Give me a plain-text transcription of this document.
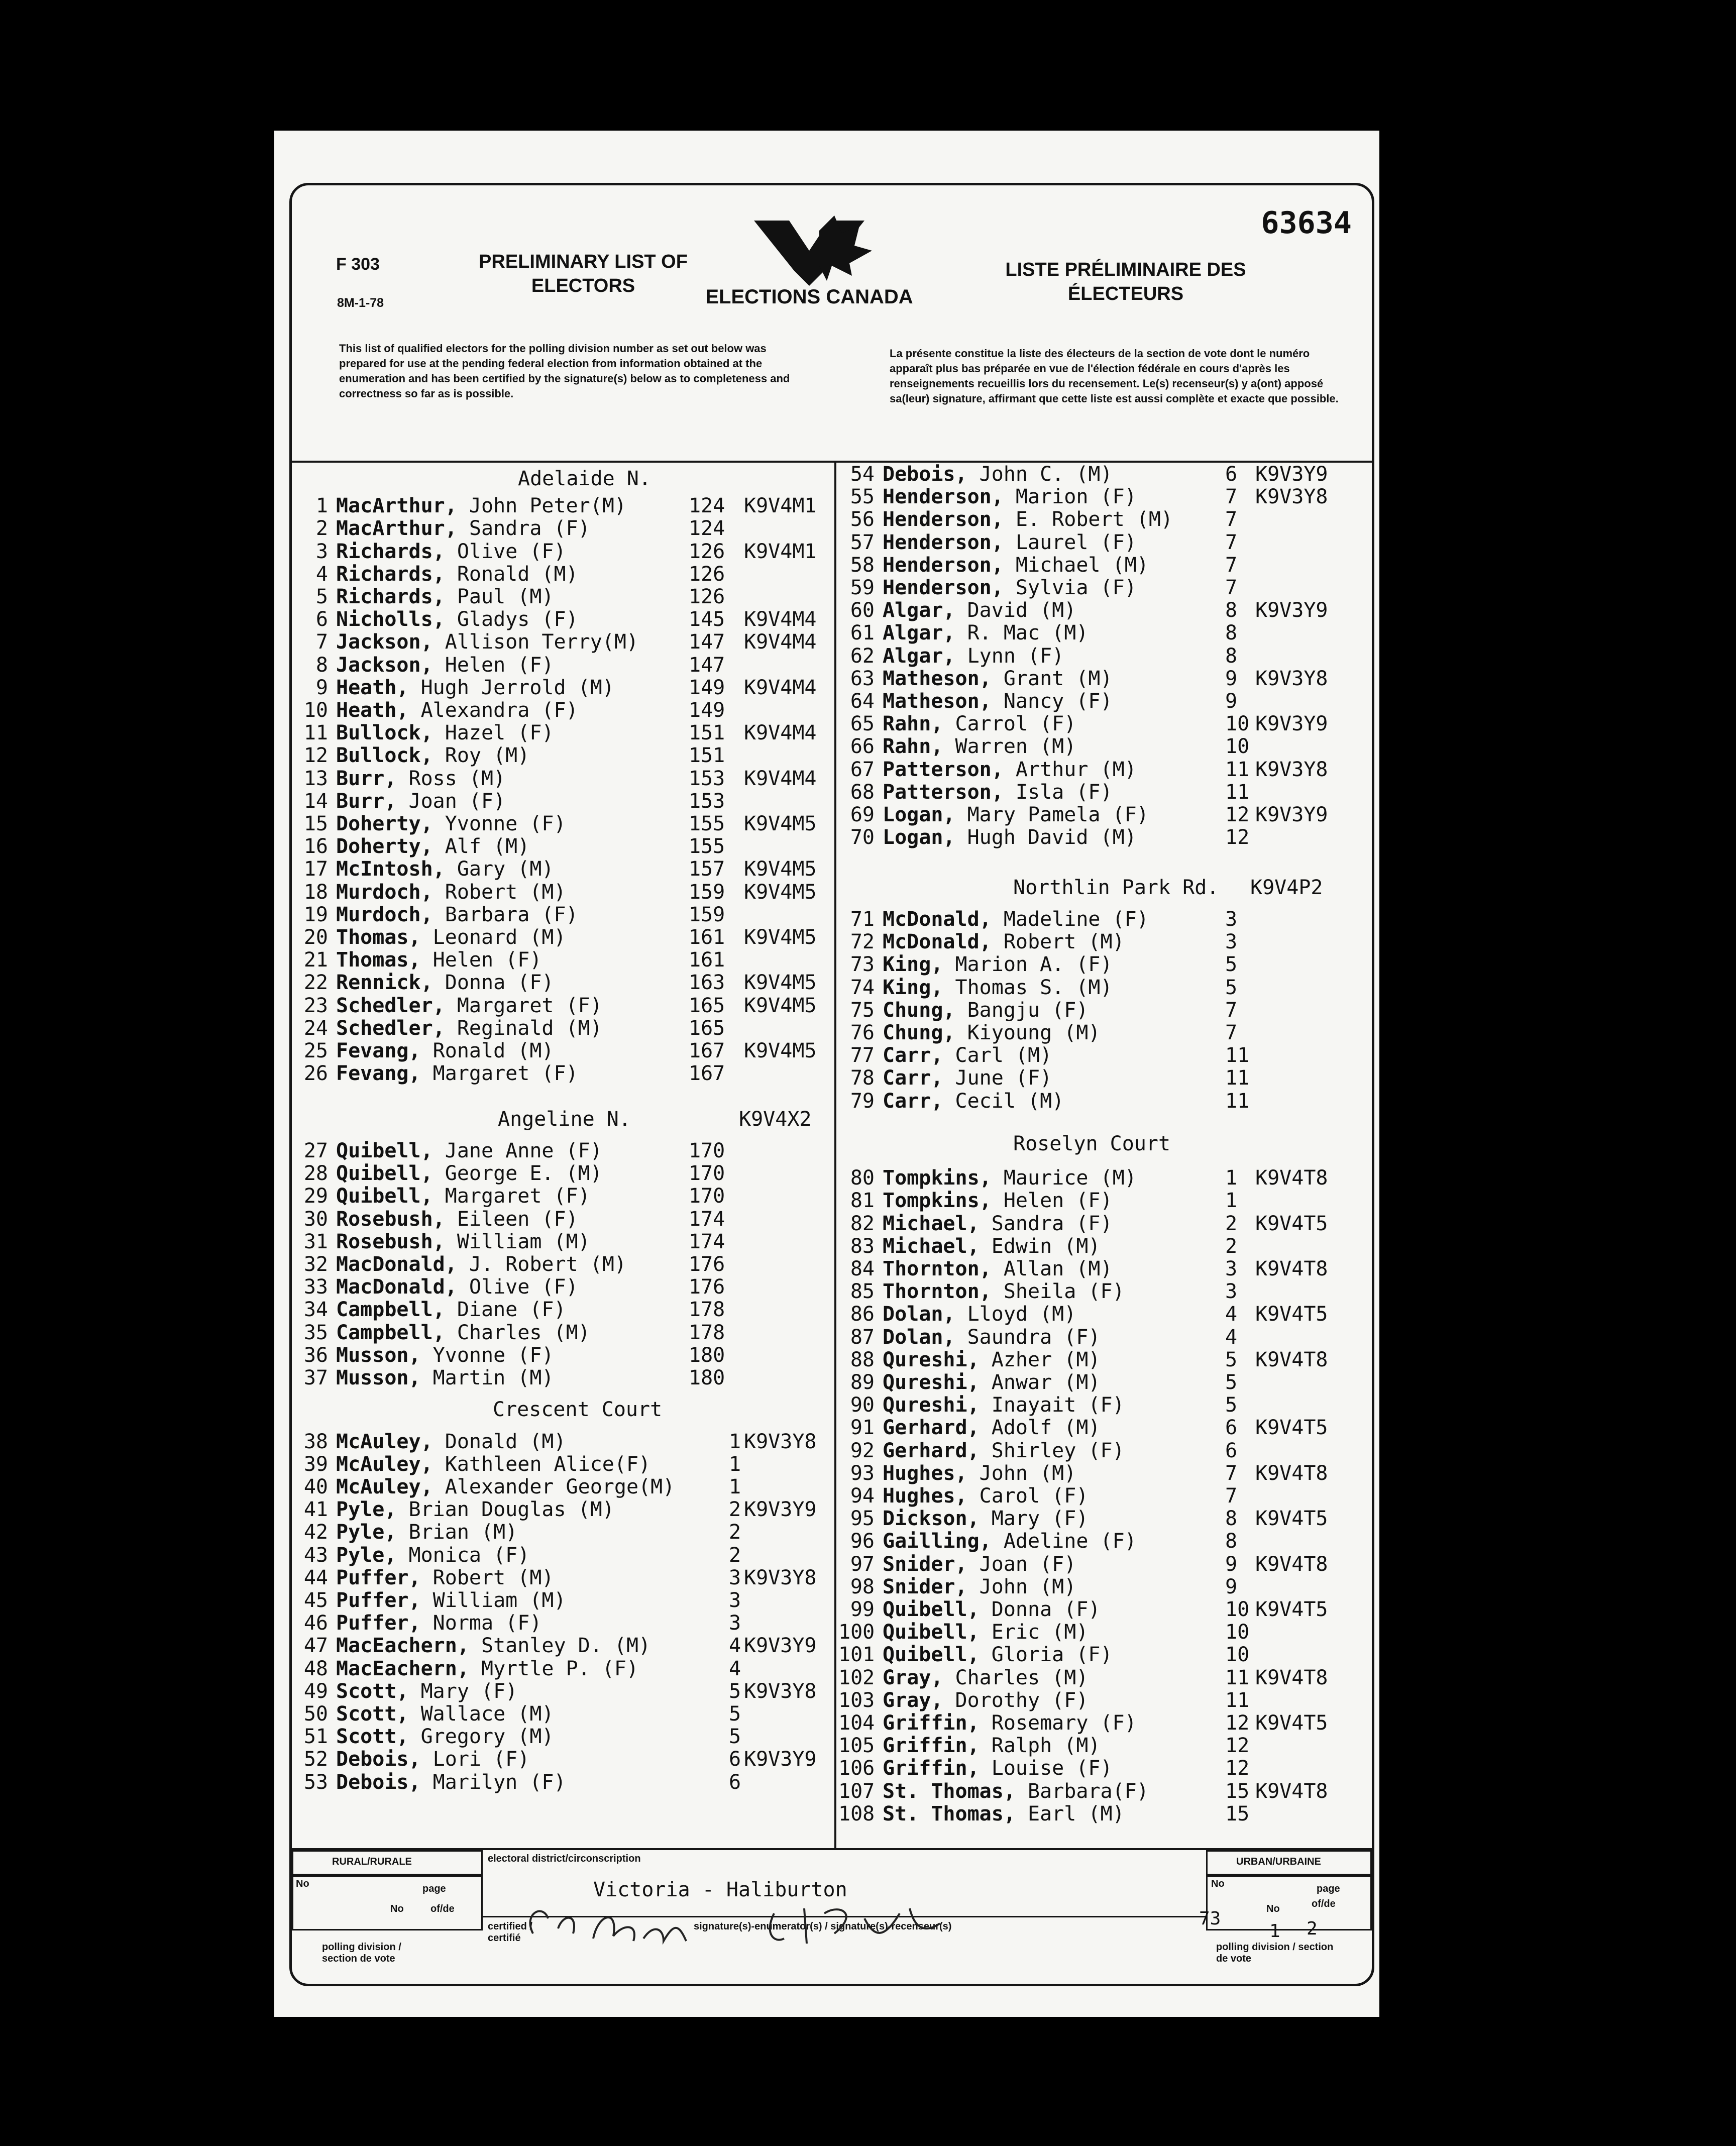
63634
F 303
8M-1-78
PRELIMINARY LIST OF ELECTORS
LISTE PRÉLIMINAIRE DES ÉLECTEURS
ELECTIONS CANADA
This list of qualified electors for the polling division number as set out below was prepared for use at the pending federal election from information obtained at the enumeration and has been certified by the signature(s) below as to completeness and correctness so far as is possible.
La présente constitue la liste des électeurs de la section de vote dont le numéro apparaît plus bas préparée en vue de l'élection fédérale en cours d'après les renseignements recueillis lors du recensement. Le(s) recenseur(s) y a(ont) apposé sa(leur) signature, affirmant que cette liste est aussi complète et exacte que possible.
Adelaide N.
1 MacArthur, John Peter(M)	124 K9V4M1
2 MacArthur, Sandra (F)	124
3 Richards, Olive (F)	126 K9V4M1
4 Richards, Ronald (M)	126
5 Richards, Paul (M)	126
6 Nicholls, Gladys (F)	145 K9V4M4
7 Jackson, Allison Terry(M) 147 K9V4M4
8 Jackson, Helen (F)	147
9 Heath, Hugh Jerrold (M)	149 K9V4M4
10 Heath, Alexandra (F)	149
11 Bullock, Hazel (F)	151 K9V4M4
12 Bullock, Roy (M)	151
13 Burr, Ross (M)	153 K9V4M4
14 Burr, Joan (F)	153
15 Doherty, Yvonne (F)	155 K9V4M5
16 Doherty, Alf (M)	155
17 McIntosh, Gary (M)	157 K9V4M5
18 Murdoch, Robert (M)	159 K9V4M5
19 Murdoch, Barbara (F)	159
20 Thomas, Leonard (M)	161 K9V4M5
21 Thomas, Helen (F)	161
22 Rennick, Donna (F)	163 K9V4M5
23 Schedler, Margaret (F)	165 K9V4M5
24 Schedler, Reginald (M)	165
25 Fevang, Ronald (M)	167 K9V4M5
26 Fevang, Margaret (F)	167
Angeline N.	K9V4X2
27 Quibell, Jane Anne (F)	170
28 Quibell, George E. (M)	170
29 Quibell, Margaret (F)	170
30 Rosebush, Eileen (F)	174
31 Rosebush, William (M)	174
32 MacDonald, J. Robert (M)	176
33 MacDonald, Olive (F)	176
34 Campbell, Diane (F)	178
35 Campbell, Charles (M)	178
36 Musson, Yvonne (F)	180
37 Musson, Martin (M)	180
Crescent Court
38 McAuley, Donald (M)	1 K9V3Y8
39 McAuley, Kathleen Alice(F)	1
40 McAuley, Alexander George(M)	1
41 Pyle, Brian Douglas (M)	2 K9V3Y9
42 Pyle, Brian (M)	2
43 Pyle, Monica (F)	2
44 Puffer, Robert (M)	3 K9V3Y8
45 Puffer, William (M)	3
46 Puffer, Norma (F)	3
47 MacEachern, Stanley D. (M)	4 K9V3Y9
48 MacEachern, Myrtle P. (F)	4
49 Scott, Mary (F)	5 K9V3Y8
50 Scott, Wallace (M)	5
51 Scott, Gregory (M)	5
52 Debois, Lori (F)	6 K9V3Y9
53 Debois, Marilyn (F)	6
54 Debois, John C. (M)	6 K9V3Y9
55 Henderson, Marion (F)	7 K9V3Y8
56 Henderson, E. Robert (M)	7
57 Henderson, Laurel (F)	7
58 Henderson, Michael (M)	7
59 Henderson, Sylvia (F)	7
60 Algar, David (M)	8 K9V3Y9
61 Algar, R. Mac (M)	8
62 Algar, Lynn (F)	8
63 Matheson, Grant (M)	9 K9V3Y8
64 Matheson, Nancy (F)	9
65 Rahn, Carrol (F)	10 K9V3Y9
66 Rahn, Warren (M)	10
67 Patterson, Arthur (M)	11 K9V3Y8
68 Patterson, Isla (F)	11
69 Logan, Mary Pamela (F)	12 K9V3Y9
70 Logan, Hugh David (M)	12
Northlin Park Rd. K9V4P2
71 McDonald, Madeline (F)	3
72 McDonald, Robert (M)	3
73 King, Marion A. (F)	5
74 King, Thomas S. (M)	5
75 Chung, Bangju (F)	7
76 Chung, Kiyoung (M)	7
77 Carr, Carl (M)	11
78 Carr, June (F)	11
79 Carr, Cecil (M)	11
Roselyn Court
80 Tompkins, Maurice (M)	1 K9V4T8
81 Tompkins, Helen (F)	1
82 Michael, Sandra (F)	2 K9V4T5
83 Michael, Edwin (M)	2
84 Thornton, Allan (M)	3 K9V4T8
85 Thornton, Sheila (F)	3
86 Dolan, Lloyd (M)	4 K9V4T5
87 Dolan, Saundra (F)	4
88 Qureshi, Azher (M)	5 K9V4T8
89 Qureshi, Anwar (M)	5
90 Qureshi, Inayait (F)	5
91 Gerhard, Adolf (M)	6 K9V4T5
92 Gerhard, Shirley (F)	6
93 Hughes, John (M)	7 K9V4T8
94 Hughes, Carol (F)	7
95 Dickson, Mary (F)	8 K9V4T5
96 Gailling, Adeline (F)	8
97 Snider, Joan (F)	9 K9V4T8
98 Snider, John (M)	9
99 Quibell, Donna (F)	10 K9V4T5
100 Quibell, Eric (M)	10
101 Quibell, Gloria (F)	10
102 Gray, Charles (M)	11 K9V4T8
103 Gray, Dorothy (F)	11
104 Griffin, Rosemary (F)	12 K9V4T5
105 Griffin, Ralph (M)	12
106 Griffin, Louise (F)	12
107 St. Thomas, Barbara(F)	15 K9V4T8
108 St. Thomas, Earl (M)	15
RURAL/RURALE
No	page
No	of/de
polling division / section de vote
electoral district/circonscription
Victoria - Haliburton
certified / certifié
signature(s)-enumerator(s) / signature(s)-recenseur(s)
URBAN/URBAINE
No	page
73	No
1
of/de
2
polling division / section de vote
